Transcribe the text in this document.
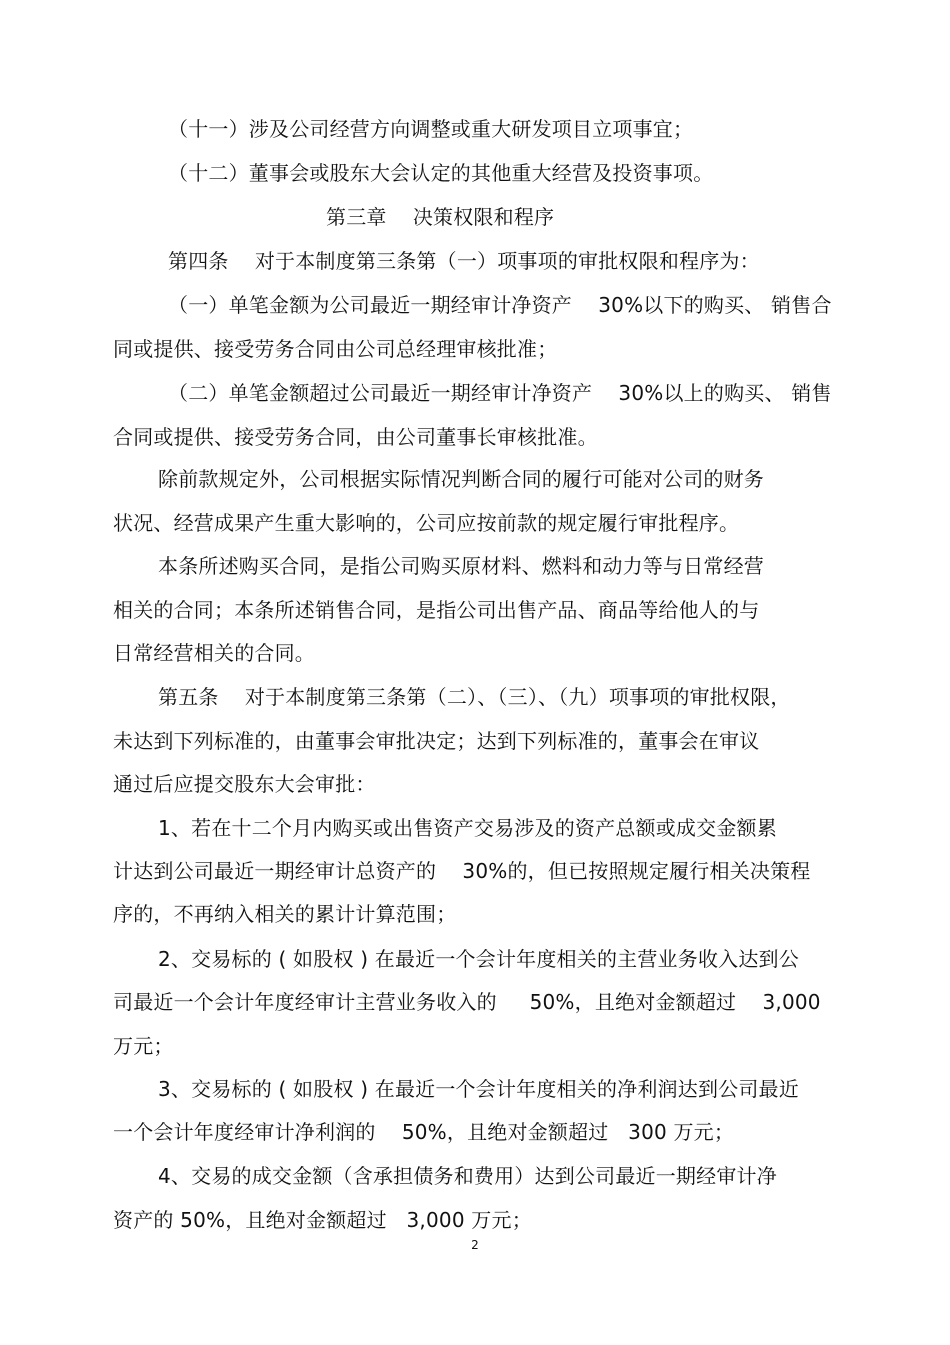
（十一）涉及公司经营方向调整或重大研发项目立项事宜；
（十二）董事会或股东大会认定的其他重大经营及投资事项。
第三章    决策权限和程序
第四条    对于本制度第三条第（一）项事项的审批权限和程序为：
（一）单笔金额为公司最近一期经审计净资产    30%以下的购买、 销售合
同或提供、接受劳务合同由公司总经理审核批准；
（二）单笔金额超过公司最近一期经审计净资产    30%以上的购买、 销售
合同或提供、接受劳务合同，由公司董事长审核批准。
除前款规定外，公司根据实际情况判断合同的履行可能对公司的财务
状况、经营成果产生重大影响的，公司应按前款的规定履行审批程序。
本条所述购买合同，是指公司购买原材料、燃料和动力等与日常经营
相关的合同；本条所述销售合同，是指公司出售产品、商品等给他人的与
日常经营相关的合同。
第五条    对于本制度第三条第（二）、（三）、（九）项事项的审批权限，
未达到下列标准的，由董事会审批决定；达到下列标准的，董事会在审议
通过后应提交股东大会审批：
1、若在十二个月内购买或出售资产交易涉及的资产总额或成交金额累
计达到公司最近一期经审计总资产的    30%的，但已按照规定履行相关决策程
序的，不再纳入相关的累计计算范围；
2、交易标的 ( 如股权 ) 在最近一个会计年度相关的主营业务收入达到公
司最近一个会计年度经审计主营业务收入的     50%，且绝对金额超过    3,000
万元；
3、交易标的 ( 如股权 ) 在最近一个会计年度相关的净利润达到公司最近
一个会计年度经审计净利润的    50%，且绝对金额超过   300 万元；
4、交易的成交金额（含承担债务和费用）达到公司最近一期经审计净
资产的 50%，且绝对金额超过   3,000 万元；
2
